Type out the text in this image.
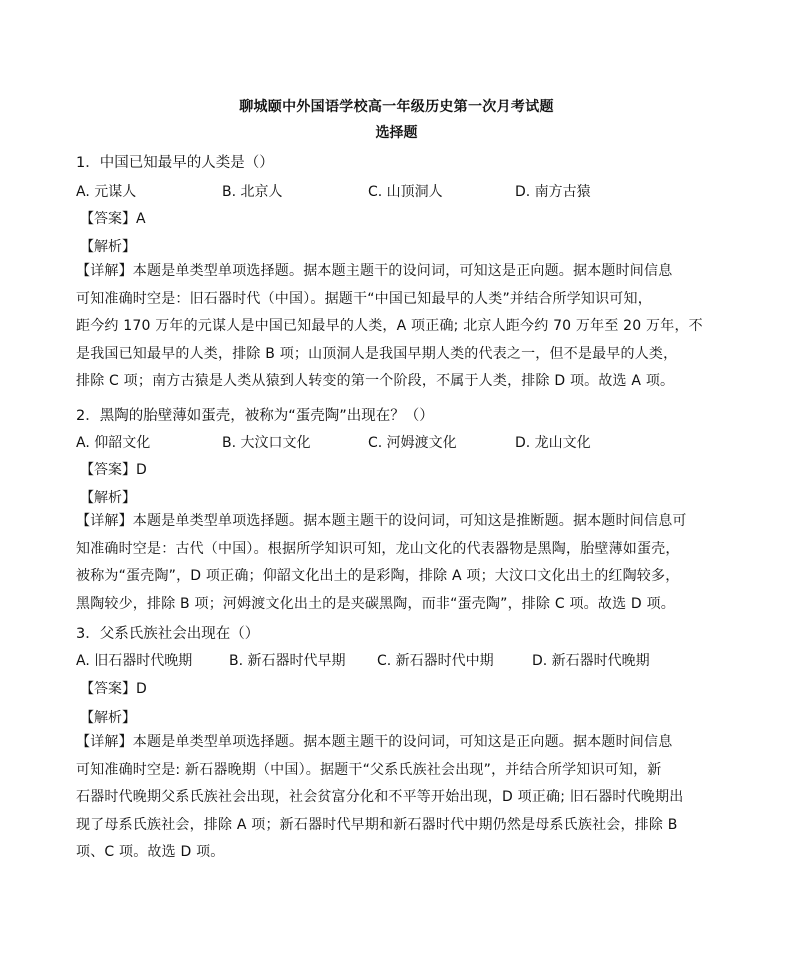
聊城颐中外国语学校高一年级历史第一次月考试题
选择题
1．中国已知最早的人类是（）
A. 元谋人	B. 北京人	C. 山顶洞人	D. 南方古猿
【答案】A
【解析】
【详解】本题是单类型单项选择题。据本题主题干的设问词，可知这是正向题。据本题时间信息
可知准确时空是：旧石器时代（中国）。据题干“中国已知最早的人类”并结合所学知识可知，
距今约 170 万年的元谋人是中国已知最早的人类，A 项正确; 北京人距今约 70 万年至 20 万年，不
是我国已知最早的人类，排除 B 项；山顶洞人是我国早期人类的代表之一，但不是最早的人类，
排除 C 项；南方古猿是人类从猿到人转变的第一个阶段，不属于人类，排除 D 项。故选 A 项。
2．黑陶的胎壁薄如蛋壳，被称为“蛋壳陶”出现在？（）
A. 仰韶文化	B. 大汶口文化	C. 河姆渡文化	D. 龙山文化
【答案】D
【解析】
【详解】本题是单类型单项选择题。据本题主题干的设问词，可知这是推断题。据本题时间信息可
知准确时空是：古代（中国）。根据所学知识可知，龙山文化的代表器物是黑陶，胎壁薄如蛋壳，
被称为“蛋壳陶”，D 项正确；仰韶文化出土的是彩陶，排除 A 项；大汶口文化出土的红陶较多，
黑陶较少，排除 B 项；河姆渡文化出土的是夹碳黑陶，而非“蛋壳陶”，排除 C 项。故选 D 项。
3．父系氏族社会出现在（）
A. 旧石器时代晚期	B. 新石器时代早期 C. 新石器时代中期	D. 新石器时代晚期
【答案】D
【解析】
【详解】本题是单类型单项选择题。据本题主题干的设问词，可知这是正向题。据本题时间信息
可知准确时空是: 新石器晚期（中国）。据题干“父系氏族社会出现”，并结合所学知识可知，新
石器时代晚期父系氏族社会出现，社会贫富分化和不平等开始出现，D 项正确; 旧石器时代晚期出
现了母系氏族社会，排除 A 项；新石器时代早期和新石器时代中期仍然是母系氏族社会，排除 B
项、C 项。故选 D 项。
